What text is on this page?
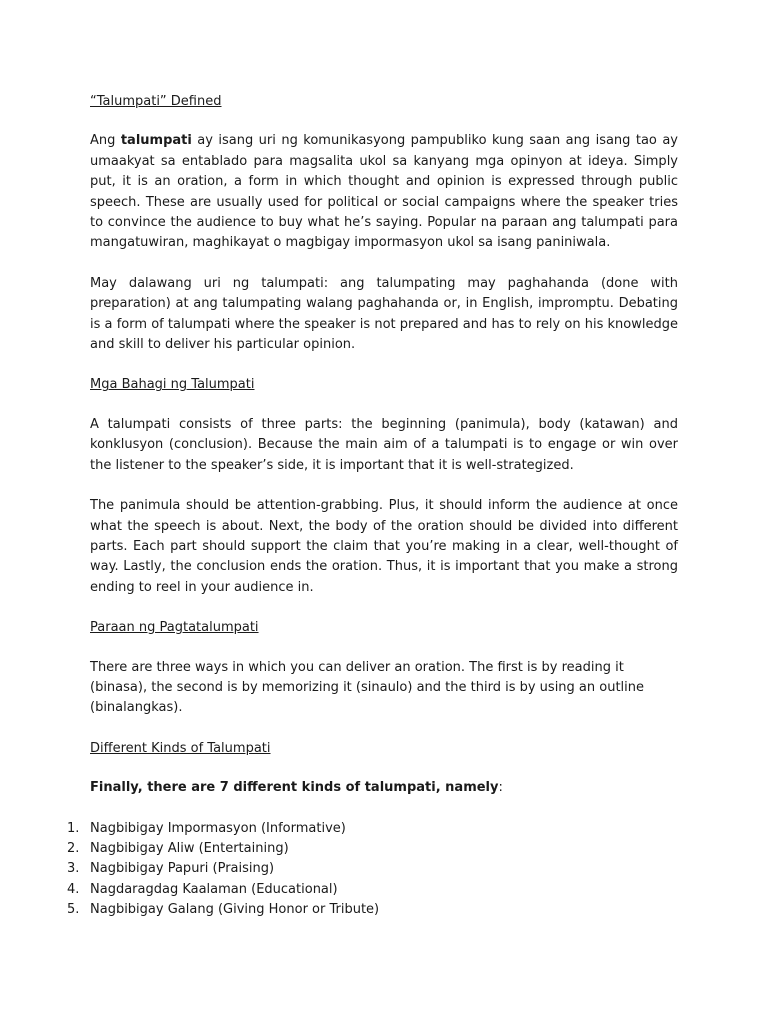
“Talumpati” Defined

Ang talumpati ay isang uri ng komunikasyong pampubliko kung saan ang isang tao ay umaakyat sa entablado para magsalita ukol sa kanyang mga opinyon at ideya. Simply put, it is an oration, a form in which thought and opinion is expressed through public speech. These are usually used for political or social campaigns where the speaker tries to convince the audience to buy what he’s saying. Popular na paraan ang talumpati para mangatuwiran, maghikayat o magbigay impormasyon ukol sa isang paniniwala.

May dalawang uri ng talumpati: ang talumpating may paghahanda (done with preparation) at ang talumpating walang paghahanda or, in English, impromptu. Debating is a form of talumpati where the speaker is not prepared and has to rely on his knowledge and skill to deliver his particular opinion.

Mga Bahagi ng Talumpati

A talumpati consists of three parts: the beginning (panimula), body (katawan) and konklusyon (conclusion). Because the main aim of a talumpati is to engage or win over the listener to the speaker’s side, it is important that it is well-strategized.

The panimula should be attention-grabbing. Plus, it should inform the audience at once what the speech is about. Next, the body of the oration should be divided into different parts. Each part should support the claim that you’re making in a clear, well-thought of way. Lastly, the conclusion ends the oration. Thus, it is important that you make a strong ending to reel in your audience in.

Paraan ng Pagtatalumpati

There are three ways in which you can deliver an oration. The first is by reading it (binasa), the second is by memorizing it (sinaulo) and the third is by using an outline (binalangkas).

Different Kinds of Talumpati
Finally, there are 7 different kinds of talumpati, namely:
1. Nagbibigay Impormasyon (Informative)
2. Nagbibigay Aliw (Entertaining)
3. Nagbibigay Papuri (Praising)
4. Nagdaragdag Kaalaman (Educational)
5. Nagbibigay Galang (Giving Honor or Tribute)
